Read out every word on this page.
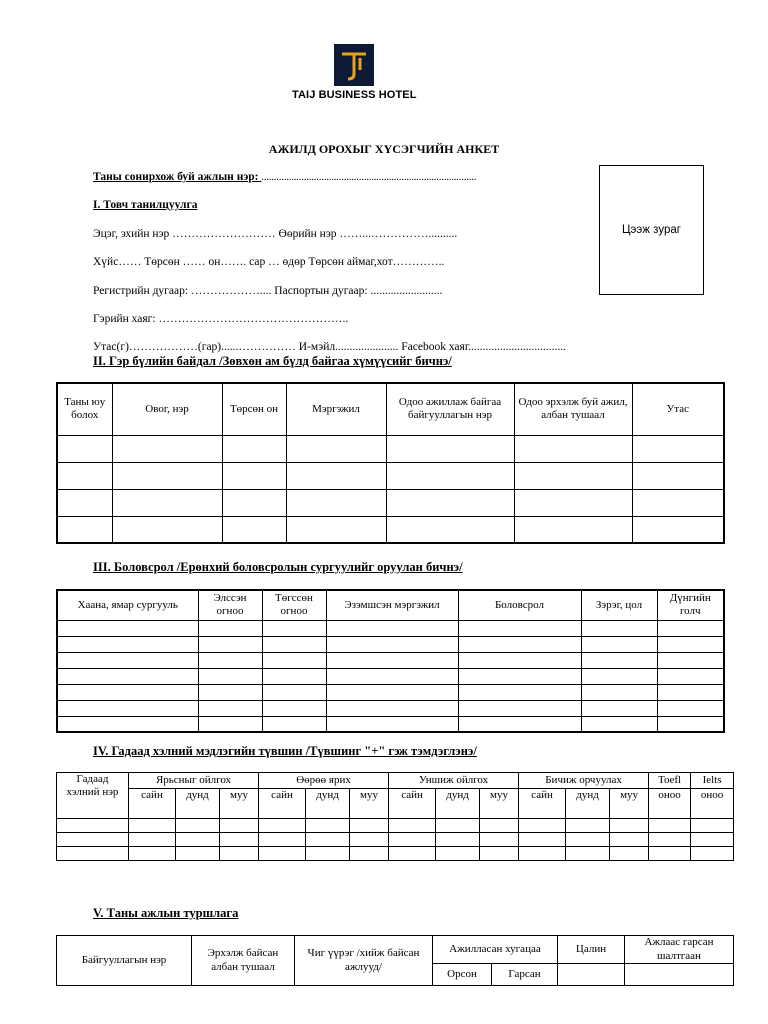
TAIJ BUSINESS HOTEL
АЖИЛД ОРОХЫГ ХҮСЭГЧИЙН АНКЕТ
Таны сонирхож буй ажлын нэр: ......................................................................................
Цээж зураг
I. Товч танилцуулга
Эцэг, эхийн нэр ……………………… Өөрийн нэр ……...……………..........
Хүйс…… Төрсөн …… он……. сар … өдөр Төрсөн аймаг,хот…………..
Регистрийн дугаар: ……………….... Паспортын дугаар: .........................
Гэрийн хаяг: …………………………………………..
Утас(г)………………(гар)......…………… И-мэйл...................... Facebook хаяг..................................
II. Гэр бүлийн байдал /Зөвхөн ам бүлд байгаа хүмүүсийг бичнэ/
Таны юу болох	Овог, нэр	Төрсөн он	Мэргэжил	Одоо ажиллаж байгаа байгууллагын нэр	Одоо эрхэлж буй ажил, албан тушаал	Утас

III. Боловсрол /Ерөнхий боловсролын сургуулийг оруулан бичнэ/
Хаана, ямар сургууль	Элссэн огноо	Төгссөн огноо	Эзэмшсэн мэргэжил	Боловсрол	Зэрэг, цол	Дүнгийн голч

IV. Гадаад хэлний мэдлэгийн түвшин /Түвшинг "+" гэж тэмдэглэнэ/
Гадаад хэлний нэр	Ярьсныг ойлгох			Өөрөө ярих			Уншиж ойлгох			Бичиж орчуулах			Toefl	Ielts
	сайн	дунд	муу	сайн	дунд	муу	сайн	дунд	муу	сайн	дунд	муу	оноо	оноо

V. Таны ажлын туршлага
Байгууллагын нэр	Эрхэлж байсан албан тушаал	Чиг үүрэг /хийж байсан ажлууд/	Ажилласан хугацаа		Цалин	Ажлаас гарсан шалтгаан
			Орсон	Гарсан		
